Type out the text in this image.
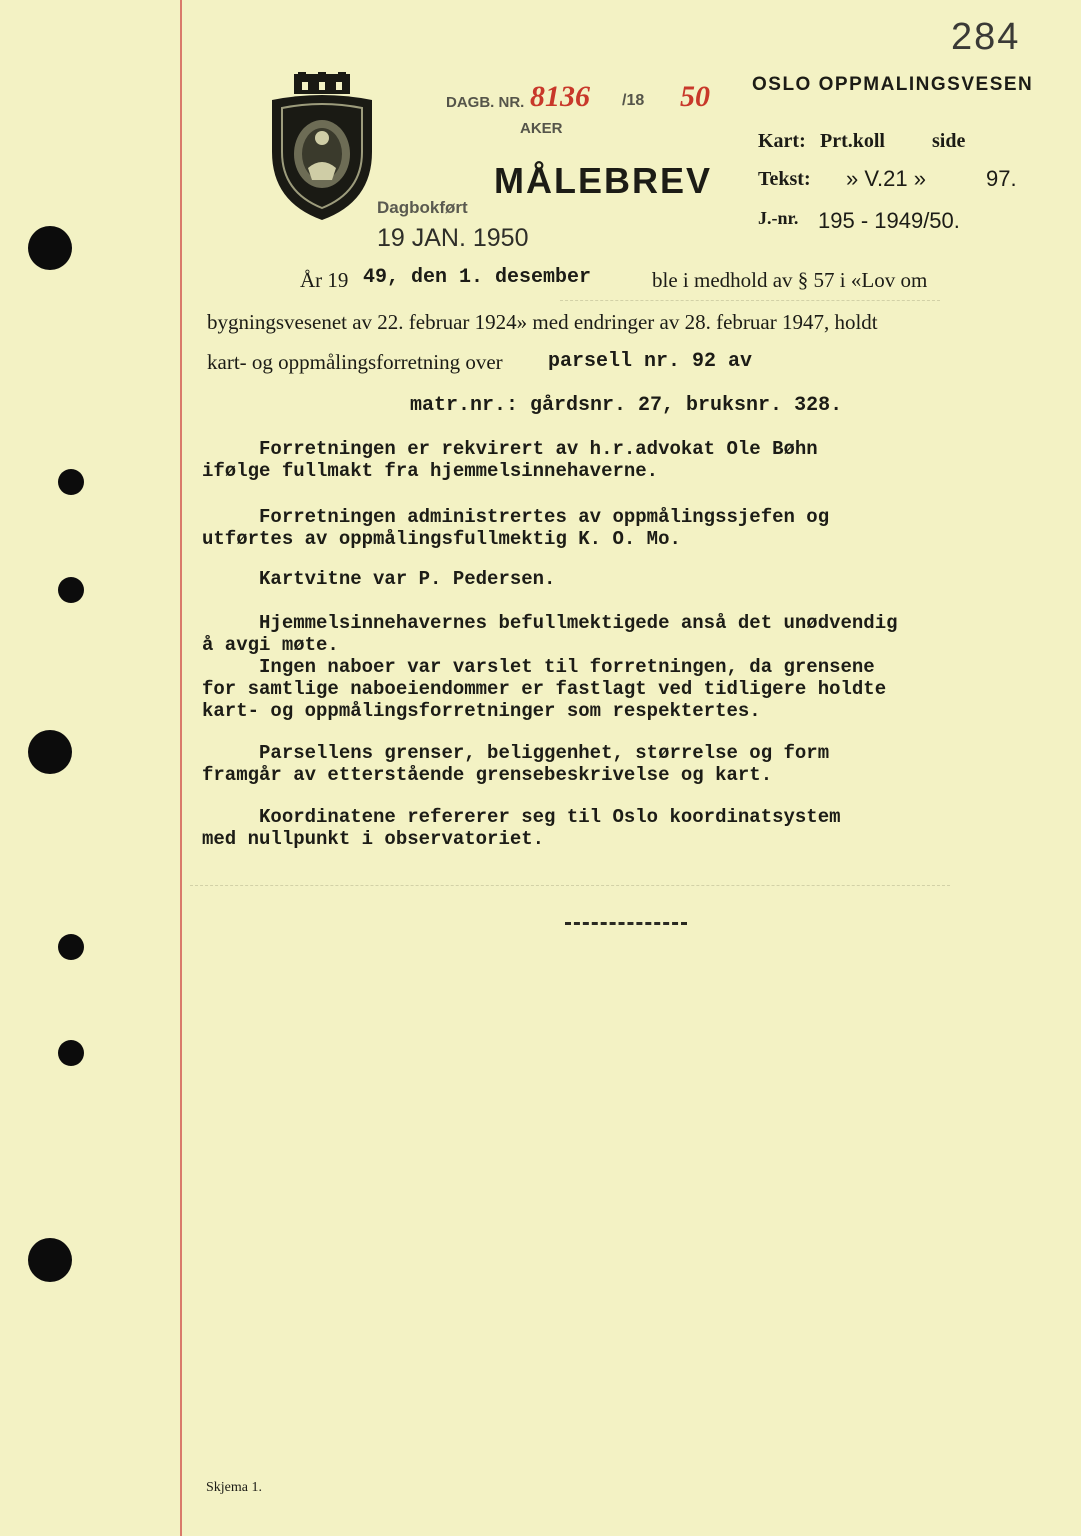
284
OSLO OPPMALINGSVESEN
DAGB. NR. 8136 /18 50
AKER
Dagbokført
19 JAN. 1950
MÅLEBREV
Kart: Prt.koll side
Tekst: » V.21 »	97.
J.-nr. 195 - 1949/50.
År 19 49, den 1. desember	ble i medhold av § 57 i «Lov om
bygningsvesenet av 22. februar 1924» med endringer av 28. februar 1947, holdt
kart- og oppmålingsforretning over parsell nr. 92 av
matr.nr.: gårdsnr. 27, bruksnr. 328.
Forretningen er rekvirert av h.r.advokat Ole Bøhn
ifølge fullmakt fra hjemmelsinnehaverne.
Forretningen administrertes av oppmålingssjefen og
utførtes av oppmålingsfullmektig K. O. Mo.
Kartvitne var P. Pedersen.
Hjemmelsinnehavernes befullmektigede anså det unødvendig
å avgi møte.
Ingen naboer var varslet til forretningen, da grensene
for samtlige naboeiendommer er fastlagt ved tidligere holdte
kart- og oppmålingsforretninger som respektertes.
Parsellens grenser, beliggenhet, størrelse og form
framgår av etterstående grensebeskrivelse og kart.
Koordinatene refererer seg til Oslo koordinatsystem
med nullpunkt i observatoriet.
Skjema 1.
